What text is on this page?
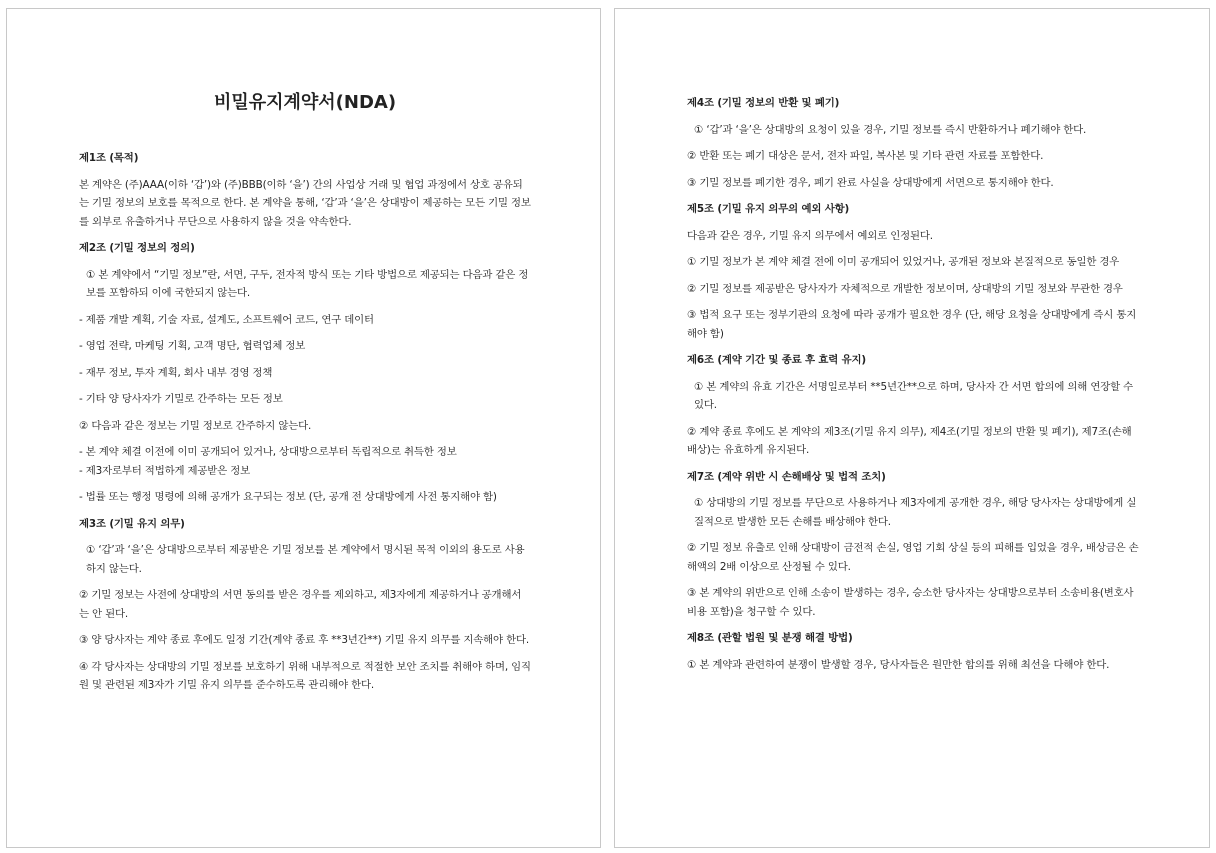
비밀유지계약서(NDA)
제1조 (목적)
본 계약은 (주)AAA(이하 ‘갑’)와 (주)BBB(이하 ‘을’) 간의 사업상 거래 및 협업 과정에서 상호 공유되는 기밀 정보의 보호를 목적으로 한다. 본 계약을 통해, ‘갑’과 ‘을’은 상대방이 제공하는 모든 기밀 정보를 외부로 유출하거나 무단으로 사용하지 않을 것을 약속한다.
제2조 (기밀 정보의 정의)
① 본 계약에서 “기밀 정보”란, 서면, 구두, 전자적 방식 또는 기타 방법으로 제공되는 다음과 같은 정보를 포함하되 이에 국한되지 않는다.
- 제품 개발 계획, 기술 자료, 설계도, 소프트웨어 코드, 연구 데이터
- 영업 전략, 마케팅 기획, 고객 명단, 협력업체 정보
- 재무 정보, 투자 계획, 회사 내부 경영 정책
- 기타 양 당사자가 기밀로 간주하는 모든 정보
② 다음과 같은 정보는 기밀 정보로 간주하지 않는다.
- 본 계약 체결 이전에 이미 공개되어 있거나, 상대방으로부터 독립적으로 취득한 정보
- 제3자로부터 적법하게 제공받은 정보
- 법률 또는 행정 명령에 의해 공개가 요구되는 정보 (단, 공개 전 상대방에게 사전 통지해야 함)
제3조 (기밀 유지 의무)
① ‘갑’과 ‘을’은 상대방으로부터 제공받은 기밀 정보를 본 계약에서 명시된 목적 이외의 용도로 사용하지 않는다.
② 기밀 정보는 사전에 상대방의 서면 동의를 받은 경우를 제외하고, 제3자에게 제공하거나 공개해서는 안 된다.
③ 양 당사자는 계약 종료 후에도 일정 기간(계약 종료 후 **3년간**) 기밀 유지 의무를 지속해야 한다.
④ 각 당사자는 상대방의 기밀 정보를 보호하기 위해 내부적으로 적절한 보안 조치를 취해야 하며, 임직원 및 관련된 제3자가 기밀 유지 의무를 준수하도록 관리해야 한다.
제4조 (기밀 정보의 반환 및 폐기)
① ‘갑’과 ‘을’은 상대방의 요청이 있을 경우, 기밀 정보를 즉시 반환하거나 폐기해야 한다.
② 반환 또는 폐기 대상은 문서, 전자 파일, 복사본 및 기타 관련 자료를 포함한다.
③ 기밀 정보를 폐기한 경우, 폐기 완료 사실을 상대방에게 서면으로 통지해야 한다.
제5조 (기밀 유지 의무의 예외 사항)
다음과 같은 경우, 기밀 유지 의무에서 예외로 인정된다.
① 기밀 정보가 본 계약 체결 전에 이미 공개되어 있었거나, 공개된 정보와 본질적으로 동일한 경우
② 기밀 정보를 제공받은 당사자가 자체적으로 개발한 정보이며, 상대방의 기밀 정보와 무관한 경우
③ 법적 요구 또는 정부기관의 요청에 따라 공개가 필요한 경우 (단, 해당 요청을 상대방에게 즉시 통지해야 함)
제6조 (계약 기간 및 종료 후 효력 유지)
① 본 계약의 유효 기간은 서명일로부터 **5년간**으로 하며, 당사자 간 서면 합의에 의해 연장할 수 있다.
② 계약 종료 후에도 본 계약의 제3조(기밀 유지 의무), 제4조(기밀 정보의 반환 및 폐기), 제7조(손해배상)는 유효하게 유지된다.
제7조 (계약 위반 시 손해배상 및 법적 조치)
① 상대방의 기밀 정보를 무단으로 사용하거나 제3자에게 공개한 경우, 해당 당사자는 상대방에게 실질적으로 발생한 모든 손해를 배상해야 한다.
② 기밀 정보 유출로 인해 상대방이 금전적 손실, 영업 기회 상실 등의 피해를 입었을 경우, 배상금은 손해액의 2배 이상으로 산정될 수 있다.
③ 본 계약의 위반으로 인해 소송이 발생하는 경우, 승소한 당사자는 상대방으로부터 소송비용(변호사 비용 포함)을 청구할 수 있다.
제8조 (관할 법원 및 분쟁 해결 방법)
① 본 계약과 관련하여 분쟁이 발생할 경우, 당사자들은 원만한 합의를 위해 최선을 다해야 한다.
